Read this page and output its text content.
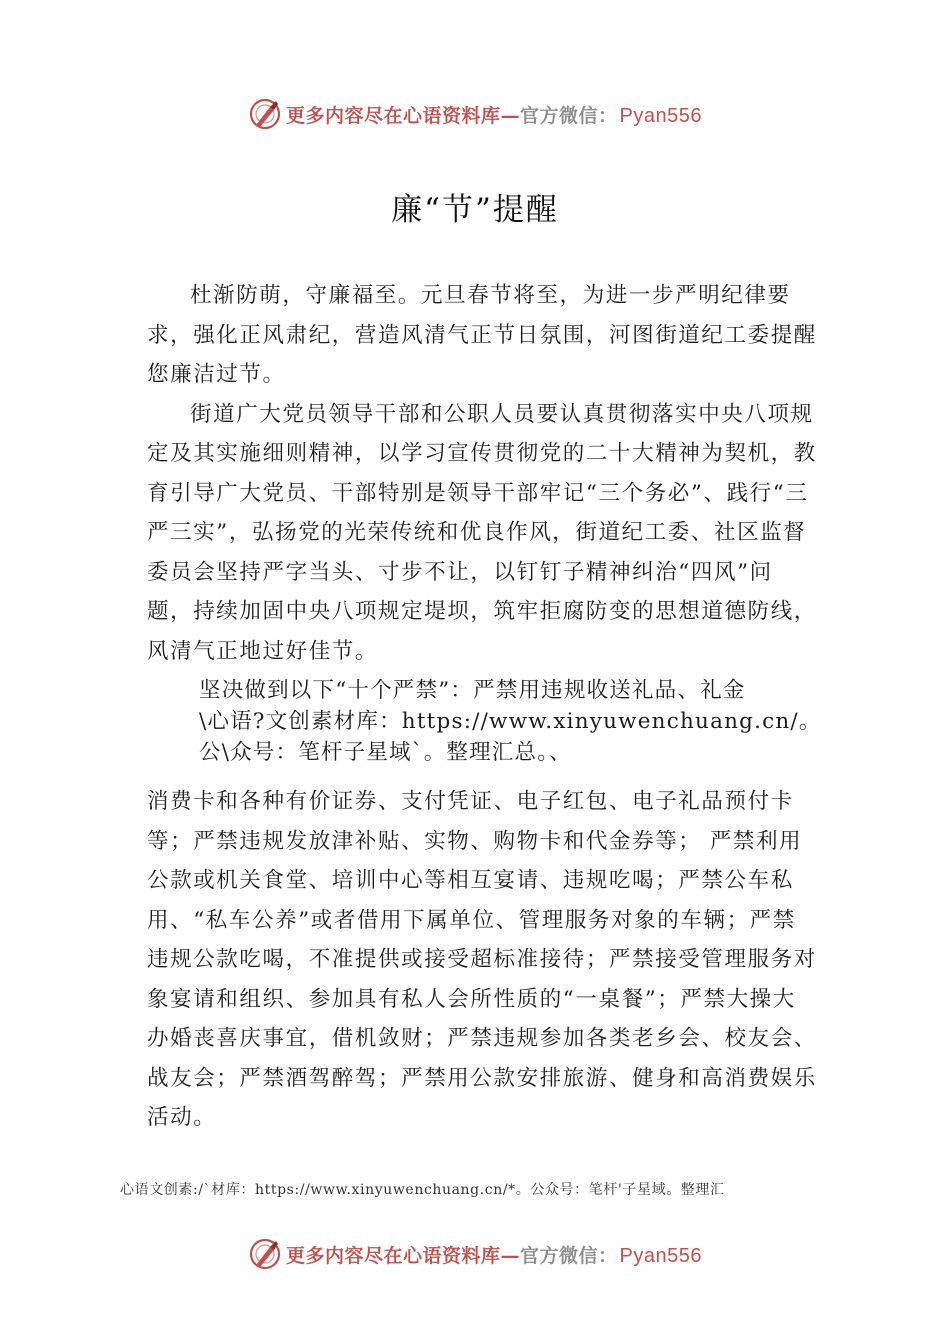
更多内容尽在心语资料库—官方微信： Pyan556
廉“节”提醒

杜渐防萌，守廉福至。元旦春节将至，为进一步严明纪律要求，强化正风肃纪，营造风清气正节日氛围，河图街道纪工委提醒您廉洁过节。

街道广大党员领导干部和公职人员要认真贯彻落实中央八项规定及其实施细则精神，以学习宣传贯彻党的二十大精神为契机，教育引导广大党员、干部特别是领导干部牢记“三个务必”、践行“三严三实”，弘扬党的光荣传统和优良作风，街道纪工委、社区监督委员会坚持严字当头、寸步不让，以钉钉子精神纠治“四风”问题，持续加固中央八项规定堤坝，筑牢拒腐防变的思想道德防线，风清气正地过好佳节。

坚决做到以下“十个严禁”：严禁用违规收送礼品、礼金
\心语?文创素材库：https://www.xinyuwenchuang.cn/。
公\众号：笔杆子星域`。整理汇总。、
消费卡和各种有价证券、支付凭证、电子红包、电子礼品预付卡等；严禁违规发放津补贴、实物、购物卡和代金券等； 严禁利用公款或机关食堂、培训中心等相互宴请、违规吃喝；严禁公车私用、“私车公养”或者借用下属单位、管理服务对象的车辆；严禁违规公款吃喝，不准提供或接受超标准接待；严禁接受管理服务对象宴请和组织、参加具有私人会所性质的“一桌餐”；严禁大操大办婚丧喜庆事宜，借机敛财；严禁违规参加各类老乡会、校友会、战友会；严禁酒驾醉驾；严禁用公款安排旅游、健身和高消费娱乐活动。
心语文创素:/`材库：https://www.xinyuwenchuang.cn/*。公众号：笔杆'子星域。整理汇
更多内容尽在心语资料库—官方微信： Pyan556
